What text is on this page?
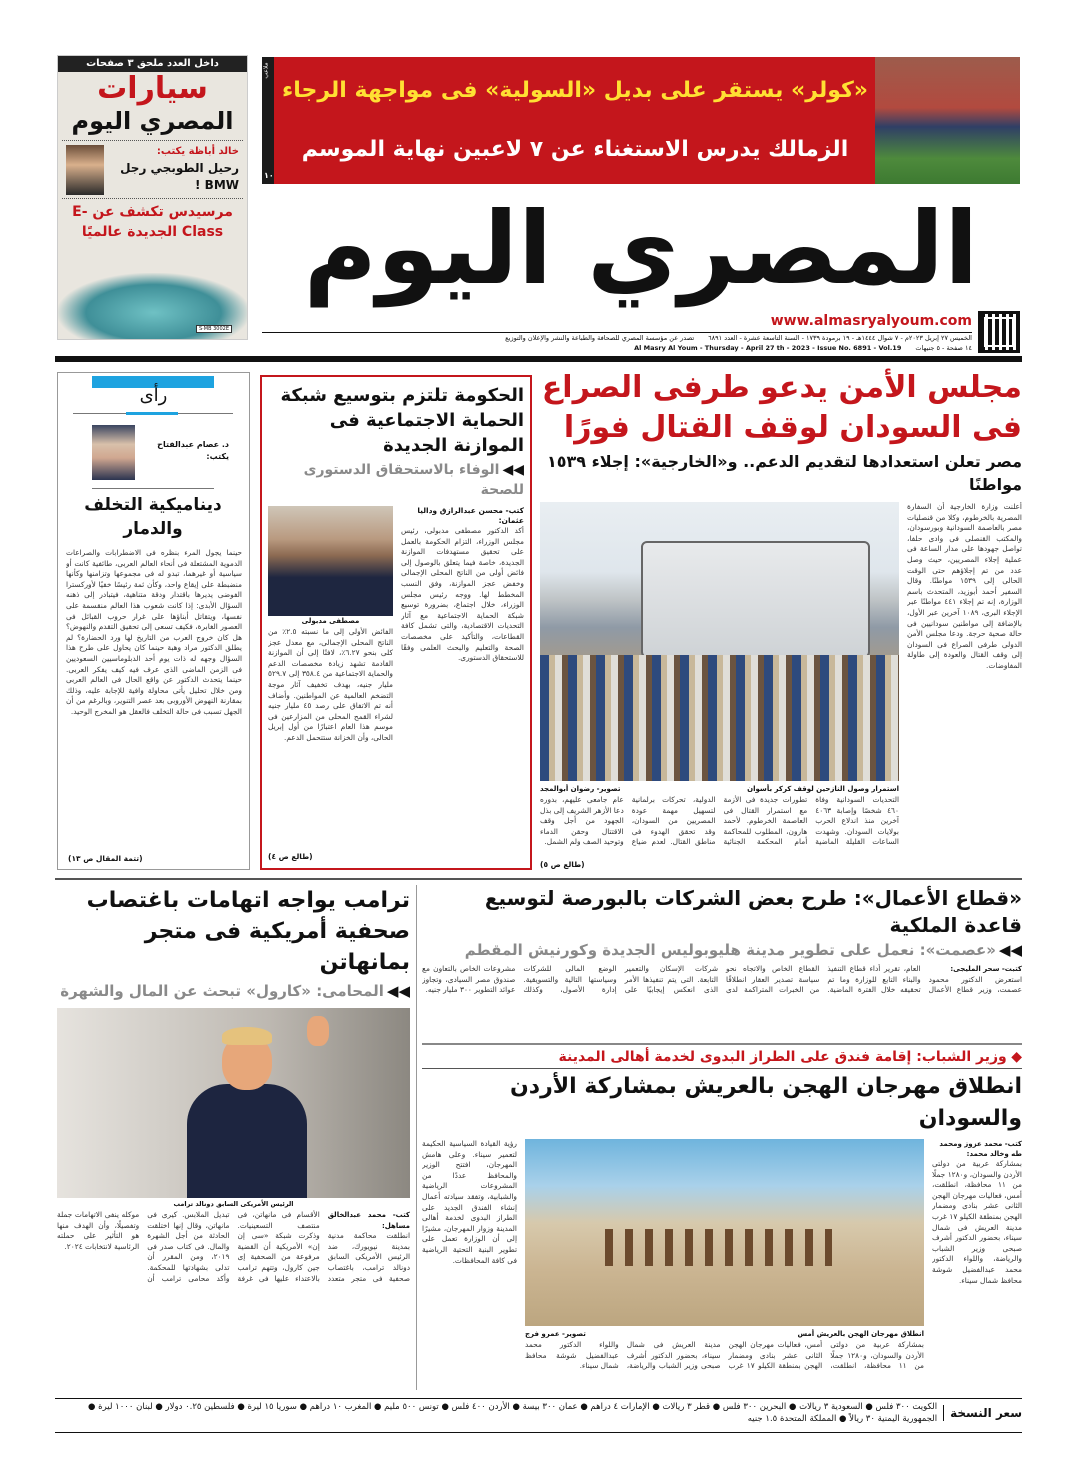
داخل العدد ملحق ٣ صفحات
سيارات
المصري اليوم
خالد أباظة يكتب:
رحيل الطوبجي رجل BMW !
مرسيدس تكشف عن E-Class الجديدة عالميًا
S·MB 3002E
ملاعب
١٠
«كولر» يستقر على بديل «السولية» فى مواجهة الرجاء
الزمالك يدرس الاستغناء عن ٧ لاعبين نهاية الموسم
المصري اليوم
www.almasryalyoum.com
الخميس ٢٧ إبريل ٢٠٢٣م - ٧ شوال ١٤٤٤هـ - ١٩ برمودة ١٧٣٩ - السنة التاسعة عشرة - العدد ٦٨٩١
تصدر عن مؤسسة المصري للصحافة والطباعة والنشر والإعلان والتوزيع
١٤ صفحة - ٥ جنيهات
Al Masry Al Youm - Thursday - April 27 th - 2023 - Issue No. 6891 - Vol.19
رأى
د. عصام عبدالفتاح يكتب:
ديناميكية التخلف والدمار
حينما يجول المرء بنظره فى الاضطرابات والصراعات الدموية المشتعلة فى أنحاء العالم العربى، طائفية كانت أو سياسية أو غيرهما، تبدو له فى مجموعها وتزامنها وكأنها منضبطة على إيقاع واحد، وكأن ثمة رئيسًا خفيًا لأوركسترا الفوضى يديرها باقتدار ودقة متناهية، فيتبادر إلى ذهنه السؤال الأبدى: إذا كانت شعوب هذا العالم منقسمة على نفسها، ويتقاتل أبناؤها على غرار حروب القبائل فى العصور الغابرة، فكيف تسعى إلى تحقيق التقدم والنهوض؟ هل كان خروج العرب من التاريخ لها ورد الحضارة؟ لم يطلق الدكتور مراد وهبة حينما كان يحاول على طرح هذا السؤال وجهه له ذات يوم أحد الدبلوماسيين السعوديين فى الزمن الماضى الذى عرف فيه كيف يفكر العربى. حينما يتحدث الدكتور عن واقع الحال فى العالم العربى ومن خلال تحليل يأتى محاولة وافية للإجابة عليه، وذلك بمقارنة النهوض الأوروبى بعد عصر التنوير، وبالرغم من أن الجهل تسبب فى حالة التخلف فالعقل هو المخرج الوحيد.
(تتمة المقال ص ١٣)
الحكومة تلتزم بتوسيع شبكة الحماية الاجتماعية فى الموازنة الجديدة
◀◀الوفاء بالاستحقاق الدستورى للصحة
كتب- محسن عبدالرازق وداليا عثمان:
أكد الدكتور مصطفى مدبولى، رئيس مجلس الوزراء، التزام الحكومة بالعمل على تحقيق مستهدفات الموازنة الجديدة، خاصة فيما يتعلق بالوصول إلى فائض أولى من الناتج المحلى الإجمالى وخفض عجز الموازنة، وفق النسب المخطط لها. ووجه رئيس مجلس الوزراء، خلال اجتماع، بضرورة توسيع شبكة الحماية الاجتماعية مع آثار التحديات الاقتصادية، والتى تشمل كافة القطاعات، والتأكيد على مخصصات الصحة والتعليم والبحث العلمى وفقًا للاستحقاق الدستورى.
مصطفى مدبولى
الفائض الأولى إلى ما نسبته ٢.٥٪ من الناتج المحلى الإجمالى، مع معدل عجز كلى بنحو ٦.٢٧٪، لافتًا إلى أن الموازنة القادمة تشهد زيادة مخصصات الدعم والحماية الاجتماعية من ٣٥٨.٤ إلى ٥٢٩.٧ مليار جنيه، بهدف تخفيف آثار موجة التضخم العالمية عن المواطنين. وأضاف أنه تم الاتفاق على رصد ٤٥ مليار جنيه لشراء القمح المحلى من المزارعين فى موسم هذا العام اعتبارًا من أول إبريل الحالى، وأن الخزانة ستتحمل الدعم.
(طالع ص ٤)
مجلس الأمن يدعو طرفى الصراع فى السودان لوقف القتال فورًا
مصر تعلن استعدادها لتقديم الدعم.. و«الخارجية»: إجلاء ١٥٣٩ مواطنًا
أعلنت وزارة الخارجية أن السفارة المصرية بالخرطوم، وكلا من قنصليات مصر بالعاصمة السودانية وبورسودان، والمكتب القنصلى فى وادى حلفا، تواصل جهودها على مدار الساعة فى عملية إجلاء المصريين، حيث وصل عدد من تم إجلاؤهم حتى الوقت الحالى إلى ١٥٣٩ مواطنًا. وقال السفير أحمد أبوزيد، المتحدث باسم الوزارة، إنه تم إجلاء ٤٤١ مواطنًا عبر الإجلاء البرى، ١٠٨٩ آخرين عبر الأول، بالإضافة إلى مواطنين سودانيين فى حالة صحية حرجة. ودعا مجلس الأمن الدولى طرفى الصراع فى السودان إلى وقف القتال والعودة إلى طاولة المفاوضات.
استمرار وصول النازحين لوقف كركر بأسوان
تصوير- رضوان أبوالمجد
التحديات السودانية وفاة ٤٦٠ شخصًا وإصابة ٤٠٦٣ آخرين منذ اندلاع الحرب بولايات السودان. وشهدت الساعات القليلة الماضية تطورات جديدة فى الأزمة مع استمرار القتال فى العاصمة الخرطوم. لأحمد هارون، المطلوب للمحاكمة أمام المحكمة الجنائية الدولية، تحركات برلمانية لتسهيل مهمة عودة المصريين من السودان، وقد تحقق الهدوء فى مناطق القتال. لعدم ضياع عام جامعى عليهم، بدوره دعا الأزهر الشريف إلى بذل الجهود من أجل وقف الاقتتال وحقن الدماء وتوحيد الصف ولم الشمل.
(طالع ص ٥)
ترامب يواجه اتهامات باغتصاب صحفية أمريكية فى متجر بمانهاتن
◀◀المحامى: «كارول» تبحث عن المال والشهرة
الرئيس الأمريكى السابق دونالد ترامب
كتب- محمد عبدالخالق مساهل:
انطلقت محاكمة مدنية بمدينة نيويورك، ضد الرئيس الأمريكى السابق دونالد ترامب، باغتصاب صحفية فى متجر متعدد الأقسام فى مانهاتن، فى منتصف التسعينيات. وذكرت شبكة «سى إن إن» الأمريكية أن القضية مرفوعة من الصحفية إى جين كارول، وتتهم ترامب بالاعتداء عليها فى غرفة تبديل الملابس. كيرى فى مانهاتن، وقال إنها اختلقت الحادثة من أجل الشهرة والمال. فى كتاب صدر فى ٢٠١٩، ومن المقرر أن تدلى بشهادتها للمحكمة. وأكد محامى ترامب أن موكله ينفى الاتهامات جملة وتفصيلًا، وأن الهدف منها هو التأثير على حملته الرئاسية لانتخابات ٢٠٢٤.
«قطاع الأعمال»: طرح بعض الشركات بالبورصة لتوسيع قاعدة الملكية
◀◀«عصمت»: نعمل على تطوير مدينة هليوبوليس الجديدة وكورنيش المقطم
كتبت- سحر المليجى:
استعرض الدكتور محمود عصمت، وزير قطاع الأعمال العام، تقرير أداء قطاع التنفيذ والبناء التابع للوزارة وما تم تحقيقه خلال الفترة الماضية. القطاع الخاص والاتجاه نحو سياسة تصدير العقار انطلاقًا من الخبرات المتراكمة لدى شركات الإسكان والتعمير التابعة. التى يتم تنفيذها الأمر الذى انعكس إيجابيًا على الوضع المالى للشركات وسياستها التالية والتسويقية. إدارة الأصول، وكذلك مشروعات الخاص بالتعاون مع صندوق مصر السيادى، وتجاوز عوائد التطوير ٣٠٠ مليار جنيه.
◆ وزير الشباب: إقامة فندق على الطراز البدوى لخدمة أهالى المدينة
انطلاق مهرجان الهجن بالعريش بمشاركة الأردن والسودان
كتب- محمد عزوز ومحمد طه وخالد محمد:
بمشاركة عربية من دولتى الأردن والسودان، و١٢٨٠ جملًا من ١١ محافظة، انطلقت، أمس، فعاليات مهرجان الهجن الثانى عشر بنادى ومضمار الهجن بمنطقة الكيلو ١٧ غرب مدينة العريش فى شمال سيناء، بحضور الدكتور أشرف صبحى وزير الشباب والرياضة، واللواء الدكتور محمد عبدالفضيل شوشة محافظ شمال سيناء.
انطلاق مهرجان الهجن بالعريش أمس
تصوير- عمرو فرج
بمشاركة عربية من دولتى الأردن والسودان، و١٢٨٠ جملًا من ١١ محافظة، انطلقت، أمس، فعاليات مهرجان الهجن الثانى عشر بنادى ومضمار الهجن بمنطقة الكيلو ١٧ غرب مدينة العريش فى شمال سيناء، بحضور الدكتور أشرف صبحى وزير الشباب والرياضة، واللواء الدكتور محمد عبدالفضيل شوشة محافظ شمال سيناء.
رؤية القيادة السياسية الحكيمة لتعمير سيناء. وعلى هامش المهرجان، افتتح الوزير والمحافظ عددًا من المشروعات الرياضية والشبابية، وتفقد سيادته أعمال إنشاء الفندق الجديد على الطراز البدوى لخدمة أهالى المدينة وزوار المهرجان، مشيرًا إلى أن الوزارة تعمل على تطوير البنية التحتية الرياضية فى كافة المحافظات.
سعر النسخة
الكويت ٣٠٠ فلس ● السعودية ٣ ريالات ● البحرين ٣٠٠ فلس ● قطر ٣ ريالات ● الإمارات ٤ دراهم ● عمان ٣٠٠ بيسة ● الأردن ٤٠٠ فلس ● تونس ٥٠٠ مليم ● المغرب ١٠ دراهم ● سوريا ١٥ ليرة ● فلسطين ٠.٢٥ دولار ● لبنان ١٠٠٠ ليرة ● الجمهورية اليمنية ٣٠ ريالاً ● المملكة المتحدة ١.٥ جنيه
